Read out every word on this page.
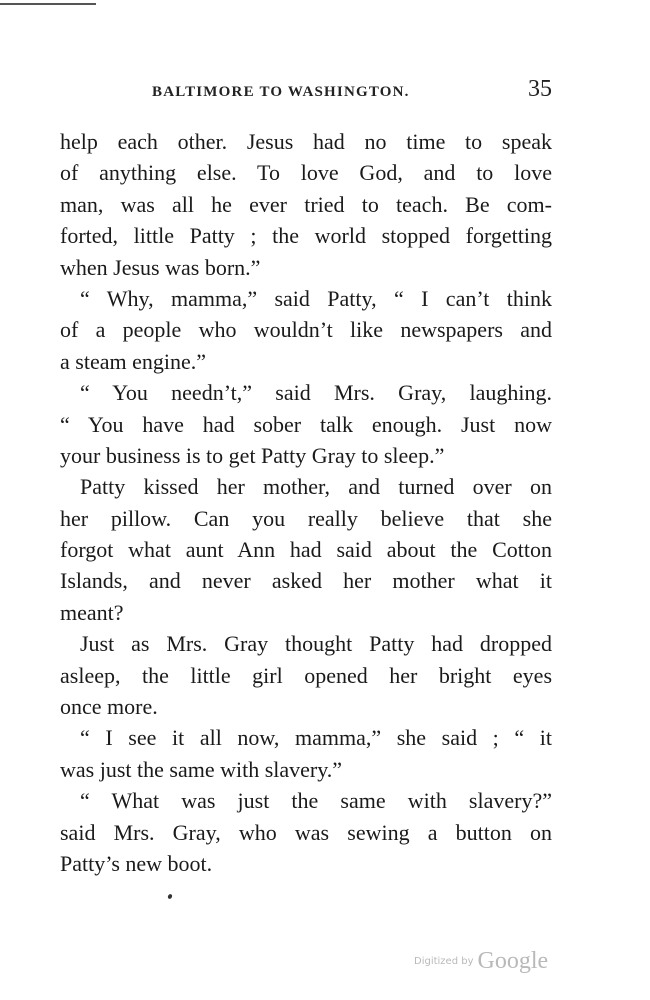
BALTIMORE TO WASHINGTON.	35
help each other. Jesus had no time to speak
of anything else. To love God, and to love
man, was all he ever tried to teach. Be com-
forted, little Patty ; the world stopped forgetting
when Jesus was born.”
“ Why, mamma,” said Patty, “ I can’t think
of a people who wouldn’t like newspapers and
a steam engine.”
“ You needn’t,” said Mrs. Gray, laughing.
“ You have had sober talk enough. Just now
your business is to get Patty Gray to sleep.”
Patty kissed her mother, and turned over on
her pillow. Can you really believe that she
forgot what aunt Ann had said about the Cotton
Islands, and never asked her mother what it
meant?
Just as Mrs. Gray thought Patty had dropped
asleep, the little girl opened her bright eyes
once more.
“ I see it all now, mamma,” she said ; “ it
was just the same with slavery.”
“ What was just the same with slavery?”
said Mrs. Gray, who was sewing a button on
Patty’s new boot.
Digitized by Google
